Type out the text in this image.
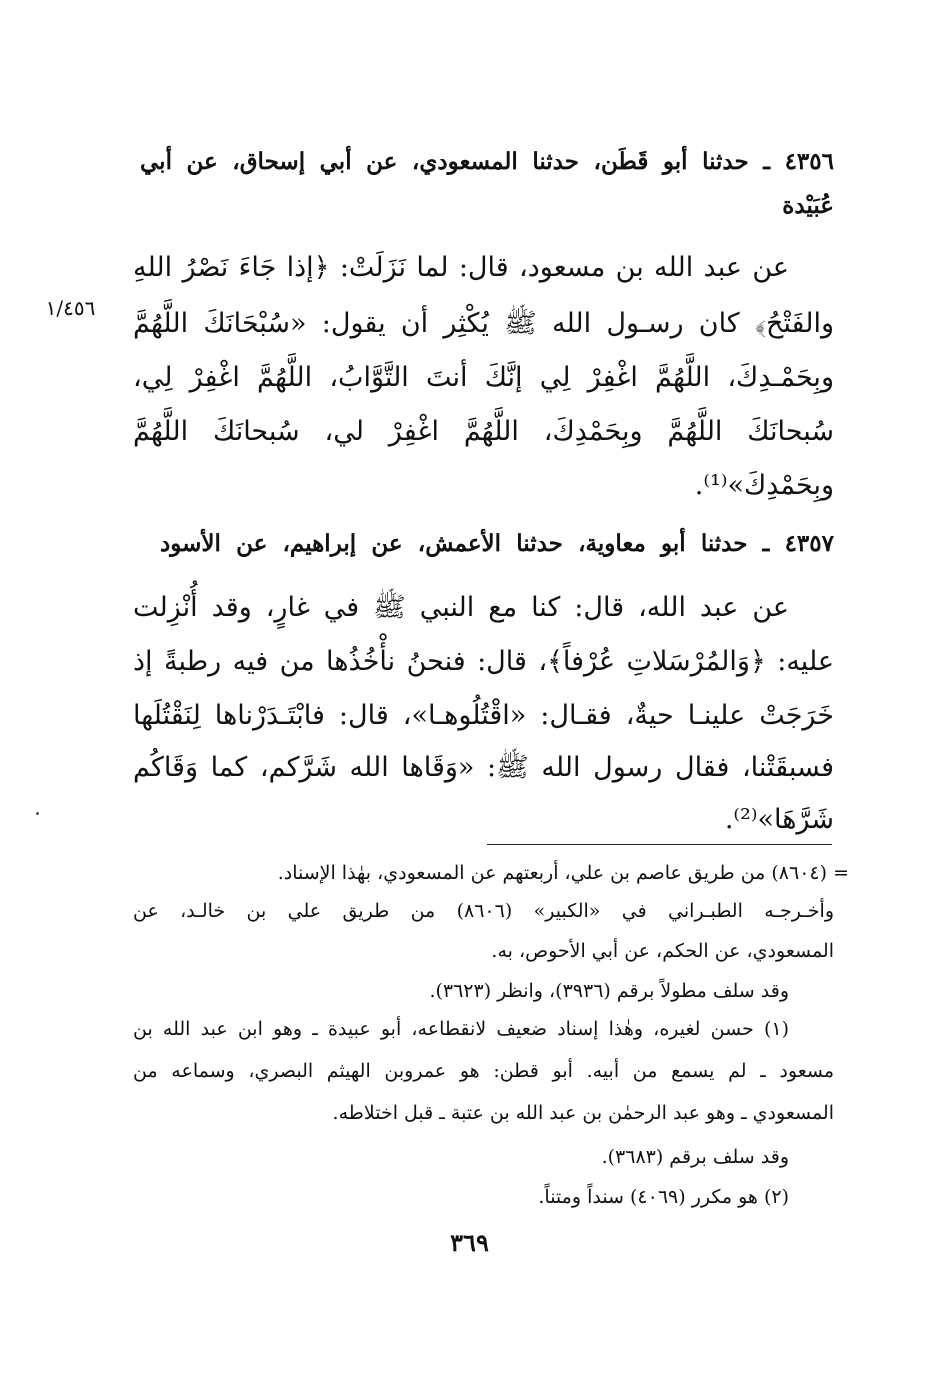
٤٣٥٦ ـ حدثنا أبو قَطَن، حدثنا المسعودي، عن أبي إسحاق، عن أبي
عُبَيْدة
عن عبد الله بن مسعود، قال: لما نَزَلَتْ: ﴿إذا جَاءَ نَصْرُ اللهِ
والفَتْحُ﴾ كان رسـول الله ﷺ يُكْثِر أن يقول: «سُبْحَانَكَ اللَّهُمَّ
وبِحَمْـدِكَ، اللَّهُمَّ اغْفِرْ لِي إنَّكَ أنتَ التَّوَّابُ، اللَّهُمَّ اغْفِرْ لِي،
سُبحانَكَ اللَّهُمَّ وبِحَمْدِكَ، اللَّهُمَّ اغْفِرْ لي، سُبحانَكَ اللَّهُمَّ
وبِحَمْدِكَ»⁽¹⁾.
١/٤٥٦
٤٣٥٧ ـ حدثنا أبو معاوية، حدثنا الأعمش، عن إبراهيم، عن الأسود
عن عبد الله، قال: كنا مع النبي ﷺ في غارٍ، وقد أُنْزِلت
عليه: ﴿وَالمُرْسَلاتِ عُرْفاً﴾، قال: فنحنُ نأْخُذُها من فيه رطبةً إذ
خَرَجَتْ علينـا حيةٌ، فقـال: «اقْتُلُوهـا»، قال: فابْتَـدَرْناها لِنَقْتُلَها
فسبقَتْنا، فقال رسول الله ﷺ: «وَقَاها الله شَرَّكم، كما وَقَاكُم
شَرَّهَا»⁽²⁾.
= (٨٦٠٤) من طريق عاصم بن علي، أربعتهم عن المسعودي، بهٰذا الإسناد.
وأخـرجـه الطبـراني في «الكبير» (٨٦٠٦) من طريق علي بن خالـد، عن
المسعودي، عن الحكم، عن أبي الأحوص، به.
وقد سلف مطولاً برقم (٣٩٣٦)، وانظر (٣٦٢٣).
(١) حسن لغيره، وهٰذا إسناد ضعيف لانقطاعه، أبو عبيدة ـ وهو ابن عبد الله بن
مسعود ـ لم يسمع من أبيه. أبو قطن: هو عمروبن الهيثم البصري، وسماعه من
المسعودي ـ وهو عبد الرحمٰن بن عبد الله بن عتبة ـ قبل اختلاطه.
وقد سلف برقم (٣٦٨٣).
(٢) هو مكرر (٤٠٦٩) سنداً ومتناً.
٣٦٩
